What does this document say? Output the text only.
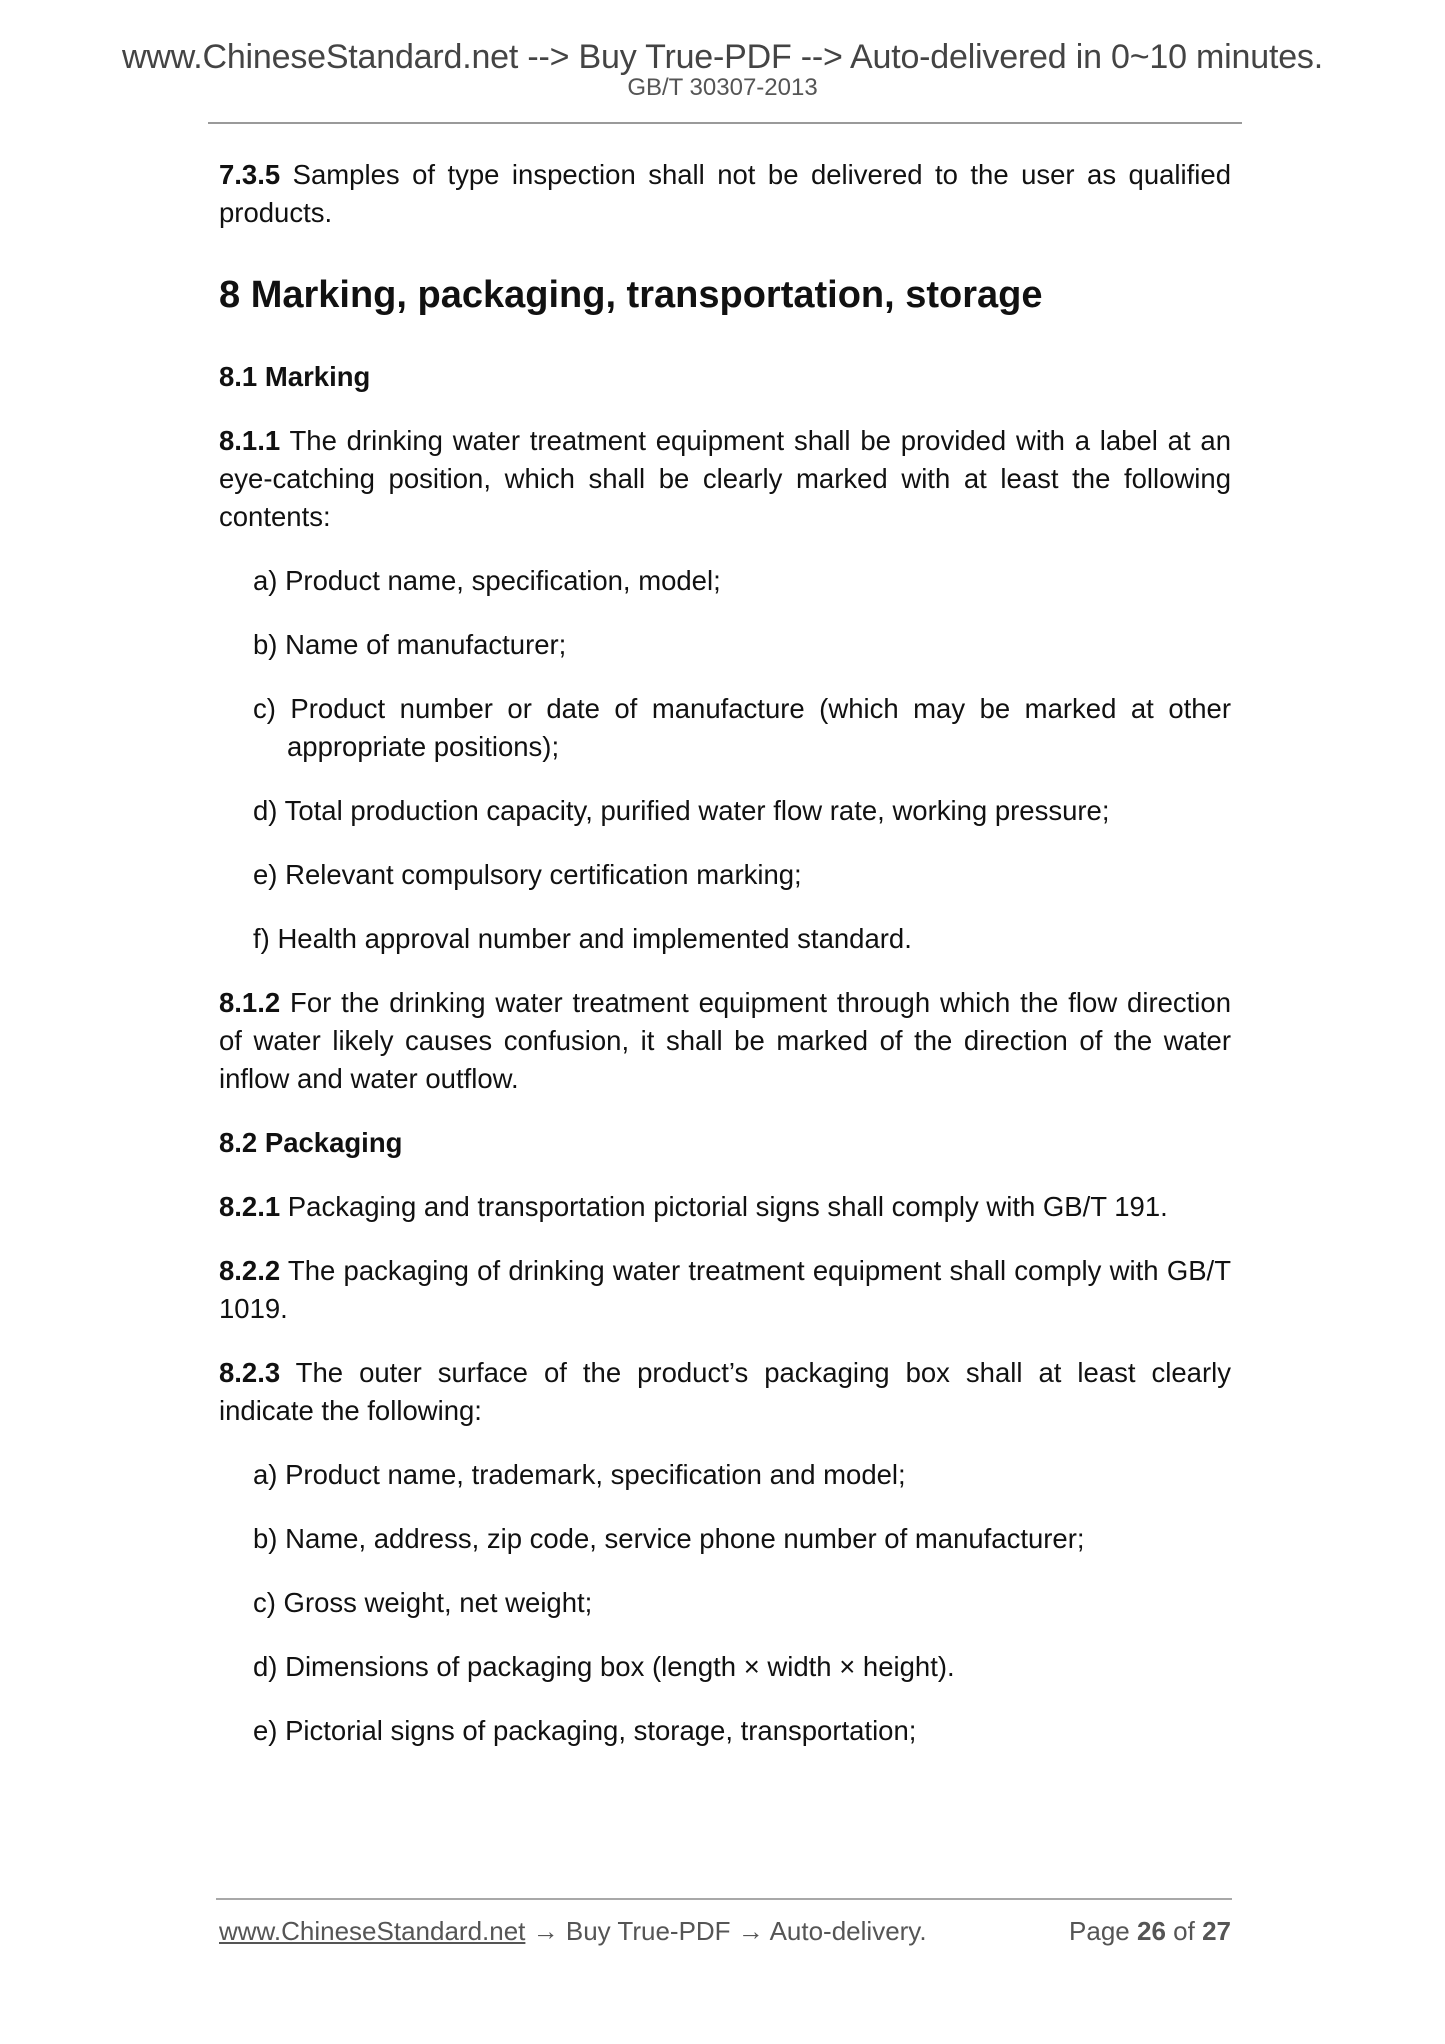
www.ChineseStandard.net --> Buy True-PDF --> Auto-delivered in 0~10 minutes.
GB/T 30307-2013

7.3.5 Samples of type inspection shall not be delivered to the user as qualified products.

8 Marking, packaging, transportation, storage
8.1 Marking

8.1.1 The drinking water treatment equipment shall be provided with a label at an eye-catching position, which shall be clearly marked with at least the following contents:

a) Product name, specification, model;

b) Name of manufacturer;

c) Product number or date of manufacture (which may be marked at other appropriate positions);

d) Total production capacity, purified water flow rate, working pressure;

e) Relevant compulsory certification marking;

f) Health approval number and implemented standard.

8.1.2 For the drinking water treatment equipment through which the flow direction of water likely causes confusion, it shall be marked of the direction of the water inflow and water outflow.

8.2 Packaging

8.2.1 Packaging and transportation pictorial signs shall comply with GB/T 191.

8.2.2 The packaging of drinking water treatment equipment shall comply with GB/T 1019.

8.2.3 The outer surface of the product’s packaging box shall at least clearly indicate the following:

a) Product name, trademark, specification and model;

b) Name, address, zip code, service phone number of manufacturer;

c) Gross weight, net weight;

d) Dimensions of packaging box (length × width × height).

e) Pictorial signs of packaging, storage, transportation;

www.ChineseStandard.net → Buy True-PDF → Auto-delivery.	Page 26 of 27
